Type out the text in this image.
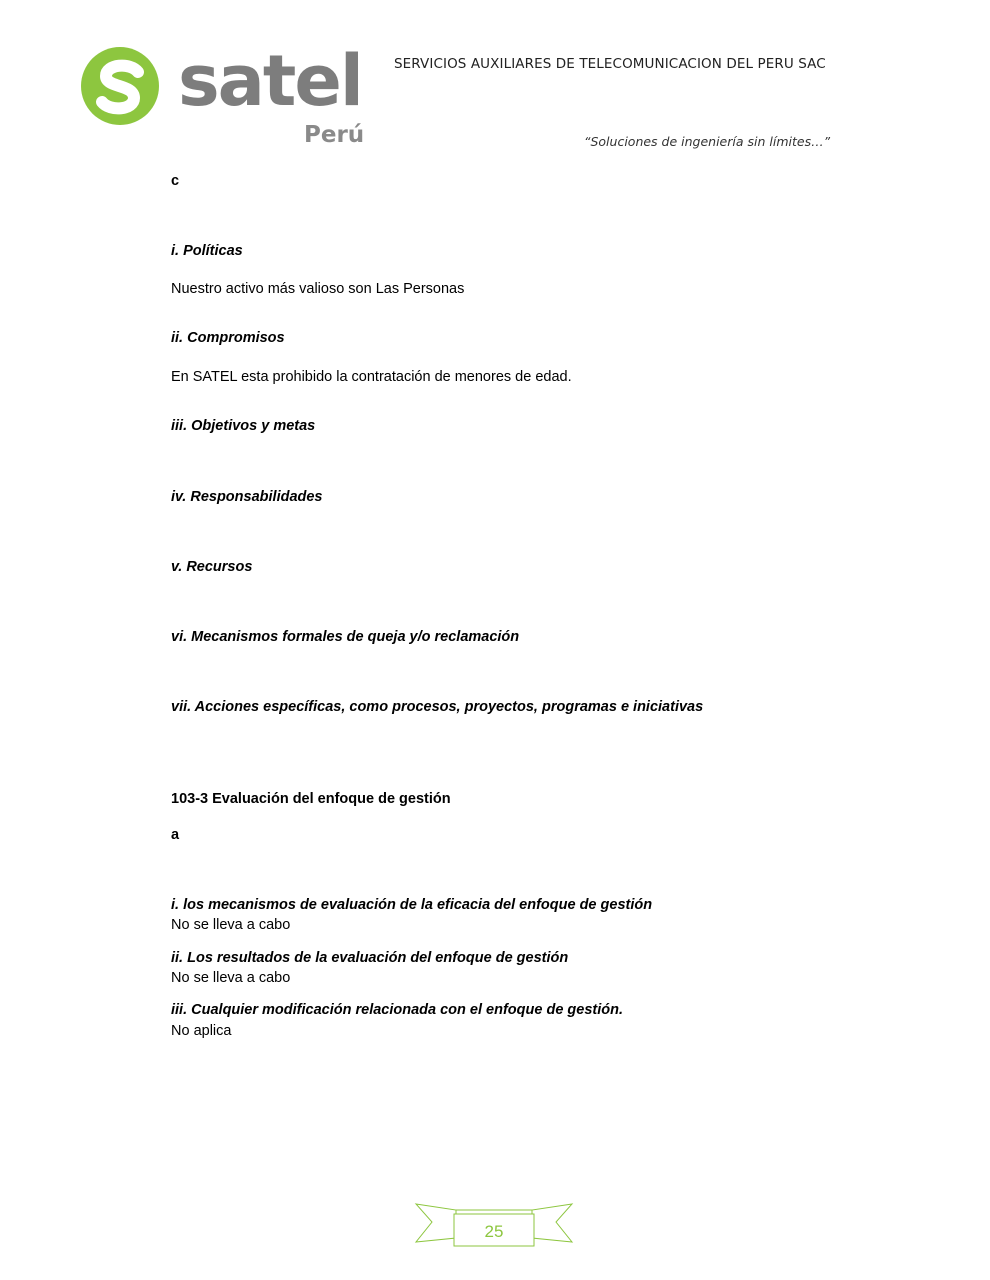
satel
Perú
SERVICIOS AUXILIARES DE TELECOMUNICACION DEL PERU SAC
“Soluciones de ingeniería sin límites…”
c
i. Políticas
Nuestro activo más valioso son Las Personas
ii. Compromisos
En SATEL esta prohibido la contratación de menores de edad.
iii. Objetivos y metas
iv. Responsabilidades
v. Recursos
vi. Mecanismos formales de queja y/o reclamación
vii. Acciones específicas, como procesos, proyectos, programas e iniciativas
103-3 Evaluación del enfoque de gestión
a
i. los mecanismos de evaluación de la eficacia del enfoque de gestión
No se lleva a cabo
ii. Los resultados de la evaluación del enfoque de gestión
No se lleva a cabo
iii. Cualquier modificación relacionada con el enfoque de gestión.
No aplica
25
